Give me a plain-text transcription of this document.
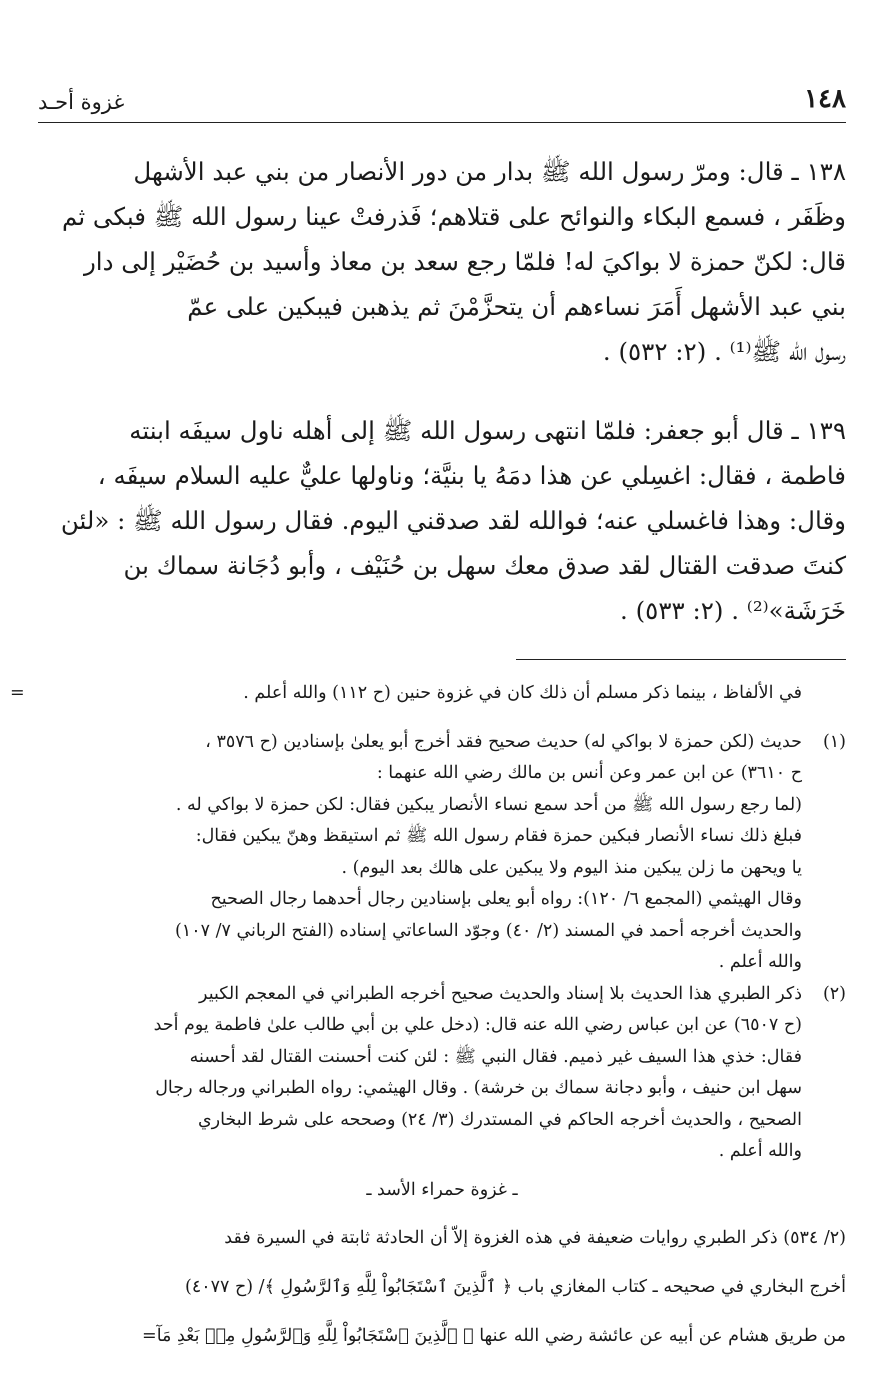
١٤٨
غزوة أحـد

١٣٨ ـ قال: ومرّ رسول الله ﷺ بدار من دور الأنصار من بني عبد الأشهل

وظَفَر ، فسمع البكاء والنوائح على قتلاهم؛ فَذرفتْ عينا رسول الله ﷺ فبكى ثم

قال: لكنّ حمزة لا بواكيَ له! فلمّا رجع سعد بن معاذ وأسيد بن حُضَيْر إلى دار

بني عبد الأشهل أَمَرَ نساءهم أن يتحزَّمْنَ ثم يذهبن فيبكين على عمّ

رسول الله ﷺ⁽¹⁾ . (٢: ٥٣٢) .

١٣٩ ـ قال أبو جعفر: فلمّا انتهى رسول الله ﷺ إلى أهله ناول سيفَه ابنته

فاطمة ، فقال: اغسِلي عن هذا دمَهُ يا بنيَّة؛ وناولها عليٌّ عليه السلام سيفَه ،

وقال: وهذا فاغسلي عنه؛ فوالله لقد صدقني اليوم. فقال رسول الله ﷺ : «لئن

كنتَ صدقت القتال لقد صدق معك سهل بن حُنَيْف ، وأبو دُجَانة سماك بن

خَرَشَة»⁽²⁾ . (٢: ٥٣٣) .

=	في الألفاظ ، بينما ذكر مسلم أن ذلك كان في غزوة حنين (ح ١١٢) والله أعلم .

(١)

حديث (لكن حمزة لا بواكي له) حديث صحيح فقد أخرج أبو يعلىٰ بإسنادين (ح ٣٥٧٦ ،

ح ٣٦١٠) عن ابن عمر وعن أنس بن مالك رضي الله عنهما :

(لما رجع رسول الله ﷺ من أحد سمع نساء الأنصار يبكين فقال: لكن حمزة لا بواكي له .

فبلغ ذلك نساء الأنصار فبكين حمزة فقام رسول الله ﷺ ثم استيقظ وهنّ يبكين فقال:

يا ويحهن ما زلن يبكين منذ اليوم ولا يبكين على هالك بعد اليوم) .

وقال الهيثمي (المجمع ٦/ ١٢٠): رواه أبو يعلى بإسنادين رجال أحدهما رجال الصحيح

والحديث أخرجه أحمد في المسند (٢/ ٤٠) وجوّد الساعاتي إسناده (الفتح الرباني ٧/ ١٠٧)

والله أعلم .

(٢)

ذكر الطبري هذا الحديث بلا إسناد والحديث صحيح أخرجه الطبراني في المعجم الكبير

(ح ٦٥٠٧) عن ابن عباس رضي الله عنه قال: (دخل علي بن أبي طالب علىٰ فاطمة يوم أحد

فقال: خذي هذا السيف غير ذميم. فقال النبي ﷺ : لئن كنت أحسنت القتال لقد أحسنه

سهل ابن حنيف ، وأبو دجانة سماك بن خرشة) . وقال الهيثمي: رواه الطبراني ورجاله رجال

الصحيح ، والحديث أخرجه الحاكم في المستدرك (٣/ ٢٤) وصححه على شرط البخاري

والله أعلم .

ـ غزوة حمراء الأسد ـ

(٢/ ٥٣٤) ذكر الطبري روايات ضعيفة في هذه الغزوة إلاّ أن الحادثة ثابتة في السيرة فقد

أخرج البخاري في صحيحه ـ كتاب المغازي باب ﴿ ٱلَّذِينَ ٱسْتَجَابُواْ لِلَّهِ وَٱلرَّسُولِ ﴾/ (ح ٤٠٧٧)

من طريق هشام عن أبيه عن عائشة رضي الله عنها ﴿ ٱلَّذِينَ ٱسْتَجَابُواْ لِلَّهِ وَٱلرَّسُولِ مِنۢ بَعْدِ مَآ=
